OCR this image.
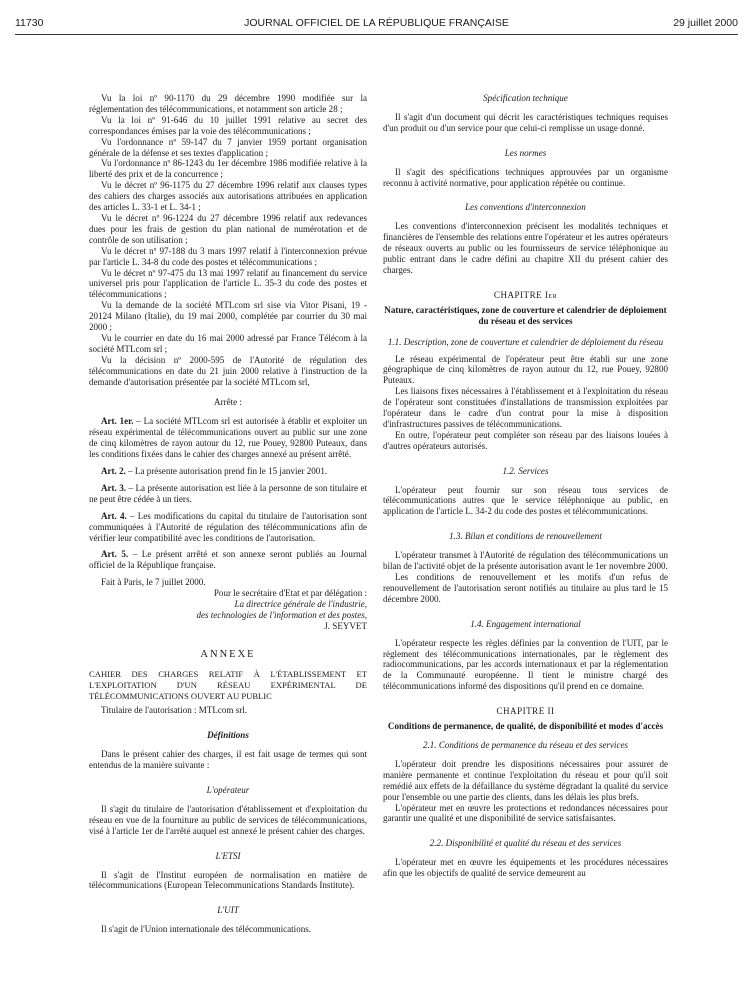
11730	JOURNAL OFFICIEL DE LA RÉPUBLIQUE FRANÇAISE	29 juillet 2000

Vu la loi nº 90-1170 du 29 décembre 1990 modifiée sur la réglementation des télécommunications, et notamment son article 28 ;

Vu la loi nº 91-646 du 10 juillet 1991 relative au secret des correspondances émises par la voie des télécommunications ;

Vu l'ordonnance nº 59-147 du 7 janvier 1959 portant organisation générale de la défense et ses textes d'application ;

Vu l'ordonnance nº 86-1243 du 1er décembre 1986 modifiée relative à la liberté des prix et de la concurrence ;

Vu le décret nº 96-1175 du 27 décembre 1996 relatif aux clauses types des cahiers des charges associés aux autorisations attribuées en application des articles L. 33-1 et L. 34-1 ;

Vu le décret nº 96-1224 du 27 décembre 1996 relatif aux redevances dues pour les frais de gestion du plan national de numérotation et de contrôle de son utilisation ;

Vu le décret nº 97-188 du 3 mars 1997 relatif à l'interconnexion prévue par l'article L. 34-8 du code des postes et télécommunications ;

Vu le décret nº 97-475 du 13 mai 1997 relatif au financement du service universel pris pour l'application de l'article L. 35-3 du code des postes et télécommunications ;

Vu la demande de la société MTLcom srl sise via Vitor Pisani, 19 - 20124 Milano (Italie), du 19 mai 2000, complétée par courrier du 30 mai 2000 ;

Vu le courrier en date du 16 mai 2000 adressé par France Télécom à la société MTLcom srl ;

Vu la décision nº 2000-595 de l'Autorité de régulation des télécommunications en date du 21 juin 2000 relative à l'instruction de la demande d'autorisation présentée par la société MTLcom srl,

Arrête :

Art. 1er. – La société MTLcom srl est autorisée à établir et exploiter un réseau expérimental de télécommunications ouvert au public sur une zone de cinq kilomètres de rayon autour du 12, rue Pouey, 92800 Puteaux, dans les conditions fixées dans le cahier des charges annexé au présent arrêté.

Art. 2. – La présente autorisation prend fin le 15 janvier 2001.

Art. 3. – La présente autorisation est liée à la personne de son titulaire et ne peut être cédée à un tiers.

Art. 4. – Les modifications du capital du titulaire de l'autorisation sont communiquées à l'Autorité de régulation des télécommunications afin de vérifier leur compatibilité avec les conditions de l'autorisation.

Art. 5. – Le présent arrêté et son annexe seront publiés au Journal officiel de la République française.

Fait à Paris, le 7 juillet 2000.

Pour le secrétaire d'Etat et par délégation :

La directrice générale de l'industrie,

des technologies de l'information et des postes,

J. SEYVET

ANNEXE

CAHIER DES CHARGES RELATIF À L'ÉTABLISSEMENT ET L'EXPLOITATION D'UN RÉSEAU EXPÉRIMENTAL DE TÉLÉCOMMUNICATIONS OUVERT AU PUBLIC

Titulaire de l'autorisation : MTLcom srl.

Définitions

Dans le présent cahier des charges, il est fait usage de termes qui sont entendus de la manière suivante :

L'opérateur

Il s'agit du titulaire de l'autorisation d'établissement et d'exploitation du réseau en vue de la fourniture au public de services de télécommunications, visé à l'article 1er de l'arrêté auquel est annexé le présent cahier des charges.

L'ETSI

Il s'agit de l'Institut européen de normalisation en matière de télécommunications (European Telecommunications Standards Institute).

L'UIT

Il s'agit de l'Union internationale des télécommunications.

Spécification technique

Il s'agit d'un document qui décrit les caractéristiques techniques requises d'un produit ou d'un service pour que celui-ci remplisse un usage donné.

Les normes

Il s'agit des spécifications techniques approuvées par un organisme reconnu à activité normative, pour application répétée ou continue.

Les conventions d'interconnexion

Les conventions d'interconnexion précisent les modalités techniques et financières de l'ensemble des relations entre l'opérateur et les autres opérateurs de réseaux ouverts au public ou les fournisseurs de service téléphonique au public entrant dans le cadre défini au chapitre XII du présent cahier des charges.

CHAPITRE Ier

Nature, caractéristiques, zone de couverture et calendrier de déploiement du réseau et des services

1.1. Description, zone de couverture et calendrier de déploiement du réseau

Le réseau expérimental de l'opérateur peut être établi sur une zone géographique de cinq kilomètres de rayon autour du 12, rue Pouey, 92800 Puteaux.

Les liaisons fixes nécessaires à l'établissement et à l'exploitation du réseau de l'opérateur sont constituées d'installations de transmission exploitées par l'opérateur dans le cadre d'un contrat pour la mise à disposition d'infrastructures passives de télécommunications.

En outre, l'opérateur peut compléter son réseau par des liaisons louées à d'autres opérateurs autorisés.

1.2. Services

L'opérateur peut fournir sur son réseau tous services de télécommunications autres que le service téléphonique au public, en application de l'article L. 34-2 du code des postes et télécommunications.

1.3. Bilan et conditions de renouvellement

L'opérateur transmet à l'Autorité de régulation des télécommunications un bilan de l'activité objet de la présente autorisation avant le 1er novembre 2000.

Les conditions de renouvellement et les motifs d'un refus de renouvellement de l'autorisation seront notifiés au titulaire au plus tard le 15 décembre 2000.

1.4. Engagement international

L'opérateur respecte les règles définies par la convention de l'UIT, par le règlement des télécommunications internationales, par le règlement des radiocommunications, par les accords internationaux et par la réglementation de la Communauté européenne. Il tient le ministre chargé des télécommunications informé des dispositions qu'il prend en ce domaine.

CHAPITRE II

Conditions de permanence, de qualité, de disponibilité et modes d'accès

2.1. Conditions de permanence du réseau et des services

L'opérateur doit prendre les dispositions nécessaires pour assurer de manière permanente et continue l'exploitation du réseau et pour qu'il soit remédié aux effets de la défaillance du système dégradant la qualité du service pour l'ensemble ou une partie des clients, dans les délais les plus brefs.

L'opérateur met en œuvre les protections et redondances nécessaires pour garantir une qualité et une disponibilité de service satisfaisantes.

2.2. Disponibilité et qualité du réseau et des services

L'opérateur met en œuvre les équipements et les procédures nécessaires afin que les objectifs de qualité de service demeurent au
